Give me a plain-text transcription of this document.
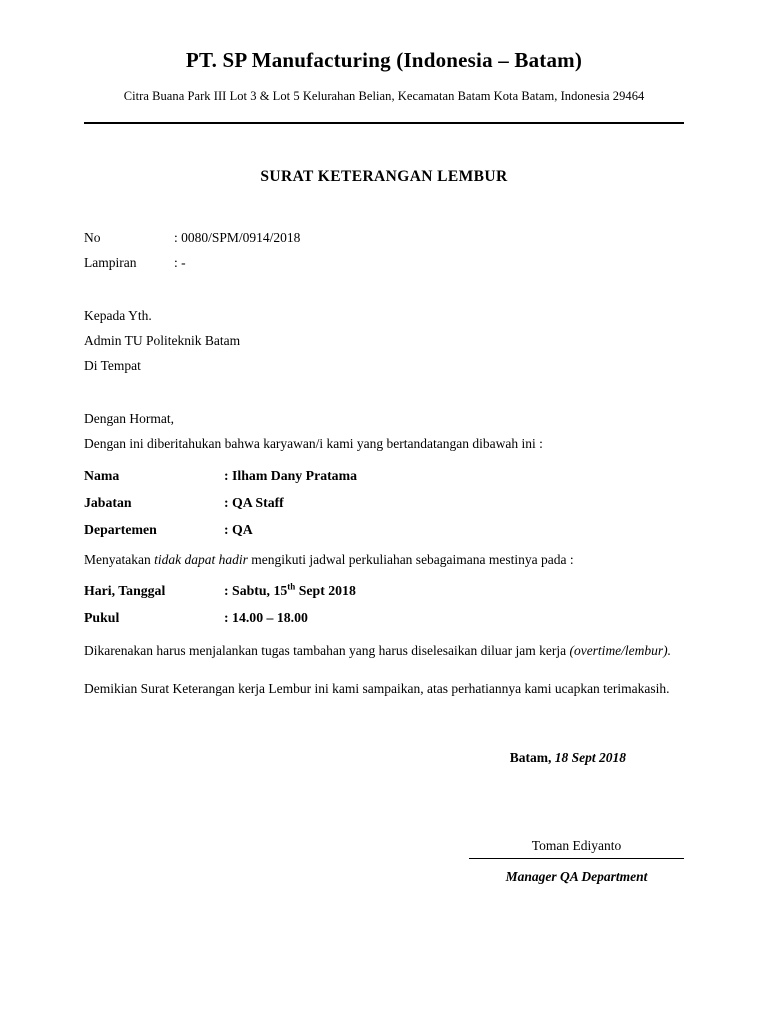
PT. SP Manufacturing (Indonesia – Batam)
Citra Buana Park III Lot 3 & Lot 5 Kelurahan Belian, Kecamatan Batam Kota Batam, Indonesia 29464
SURAT KETERANGAN LEMBUR
No	: 0080/SPM/0914/2018
Lampiran	: -
Kepada Yth.
Admin TU Politeknik Batam
Di Tempat
Dengan Hormat,
Dengan ini diberitahukan bahwa karyawan/i kami yang bertandatangan dibawah ini :
Nama	: Ilham Dany Pratama
Jabatan	: QA Staff
Departemen	: QA
Menyatakan tidak dapat hadir mengikuti jadwal perkuliahan sebagaimana mestinya pada :
Hari, Tanggal	: Sabtu, 15th Sept 2018
Pukul	: 14.00 – 18.00
Dikarenakan harus menjalankan tugas tambahan yang harus diselesaikan diluar jam kerja (overtime/lembur).
Demikian Surat Keterangan kerja Lembur ini kami sampaikan, atas perhatiannya kami ucapkan terimakasih.
Batam, 18 Sept 2018
Toman Ediyanto
Manager QA Department
